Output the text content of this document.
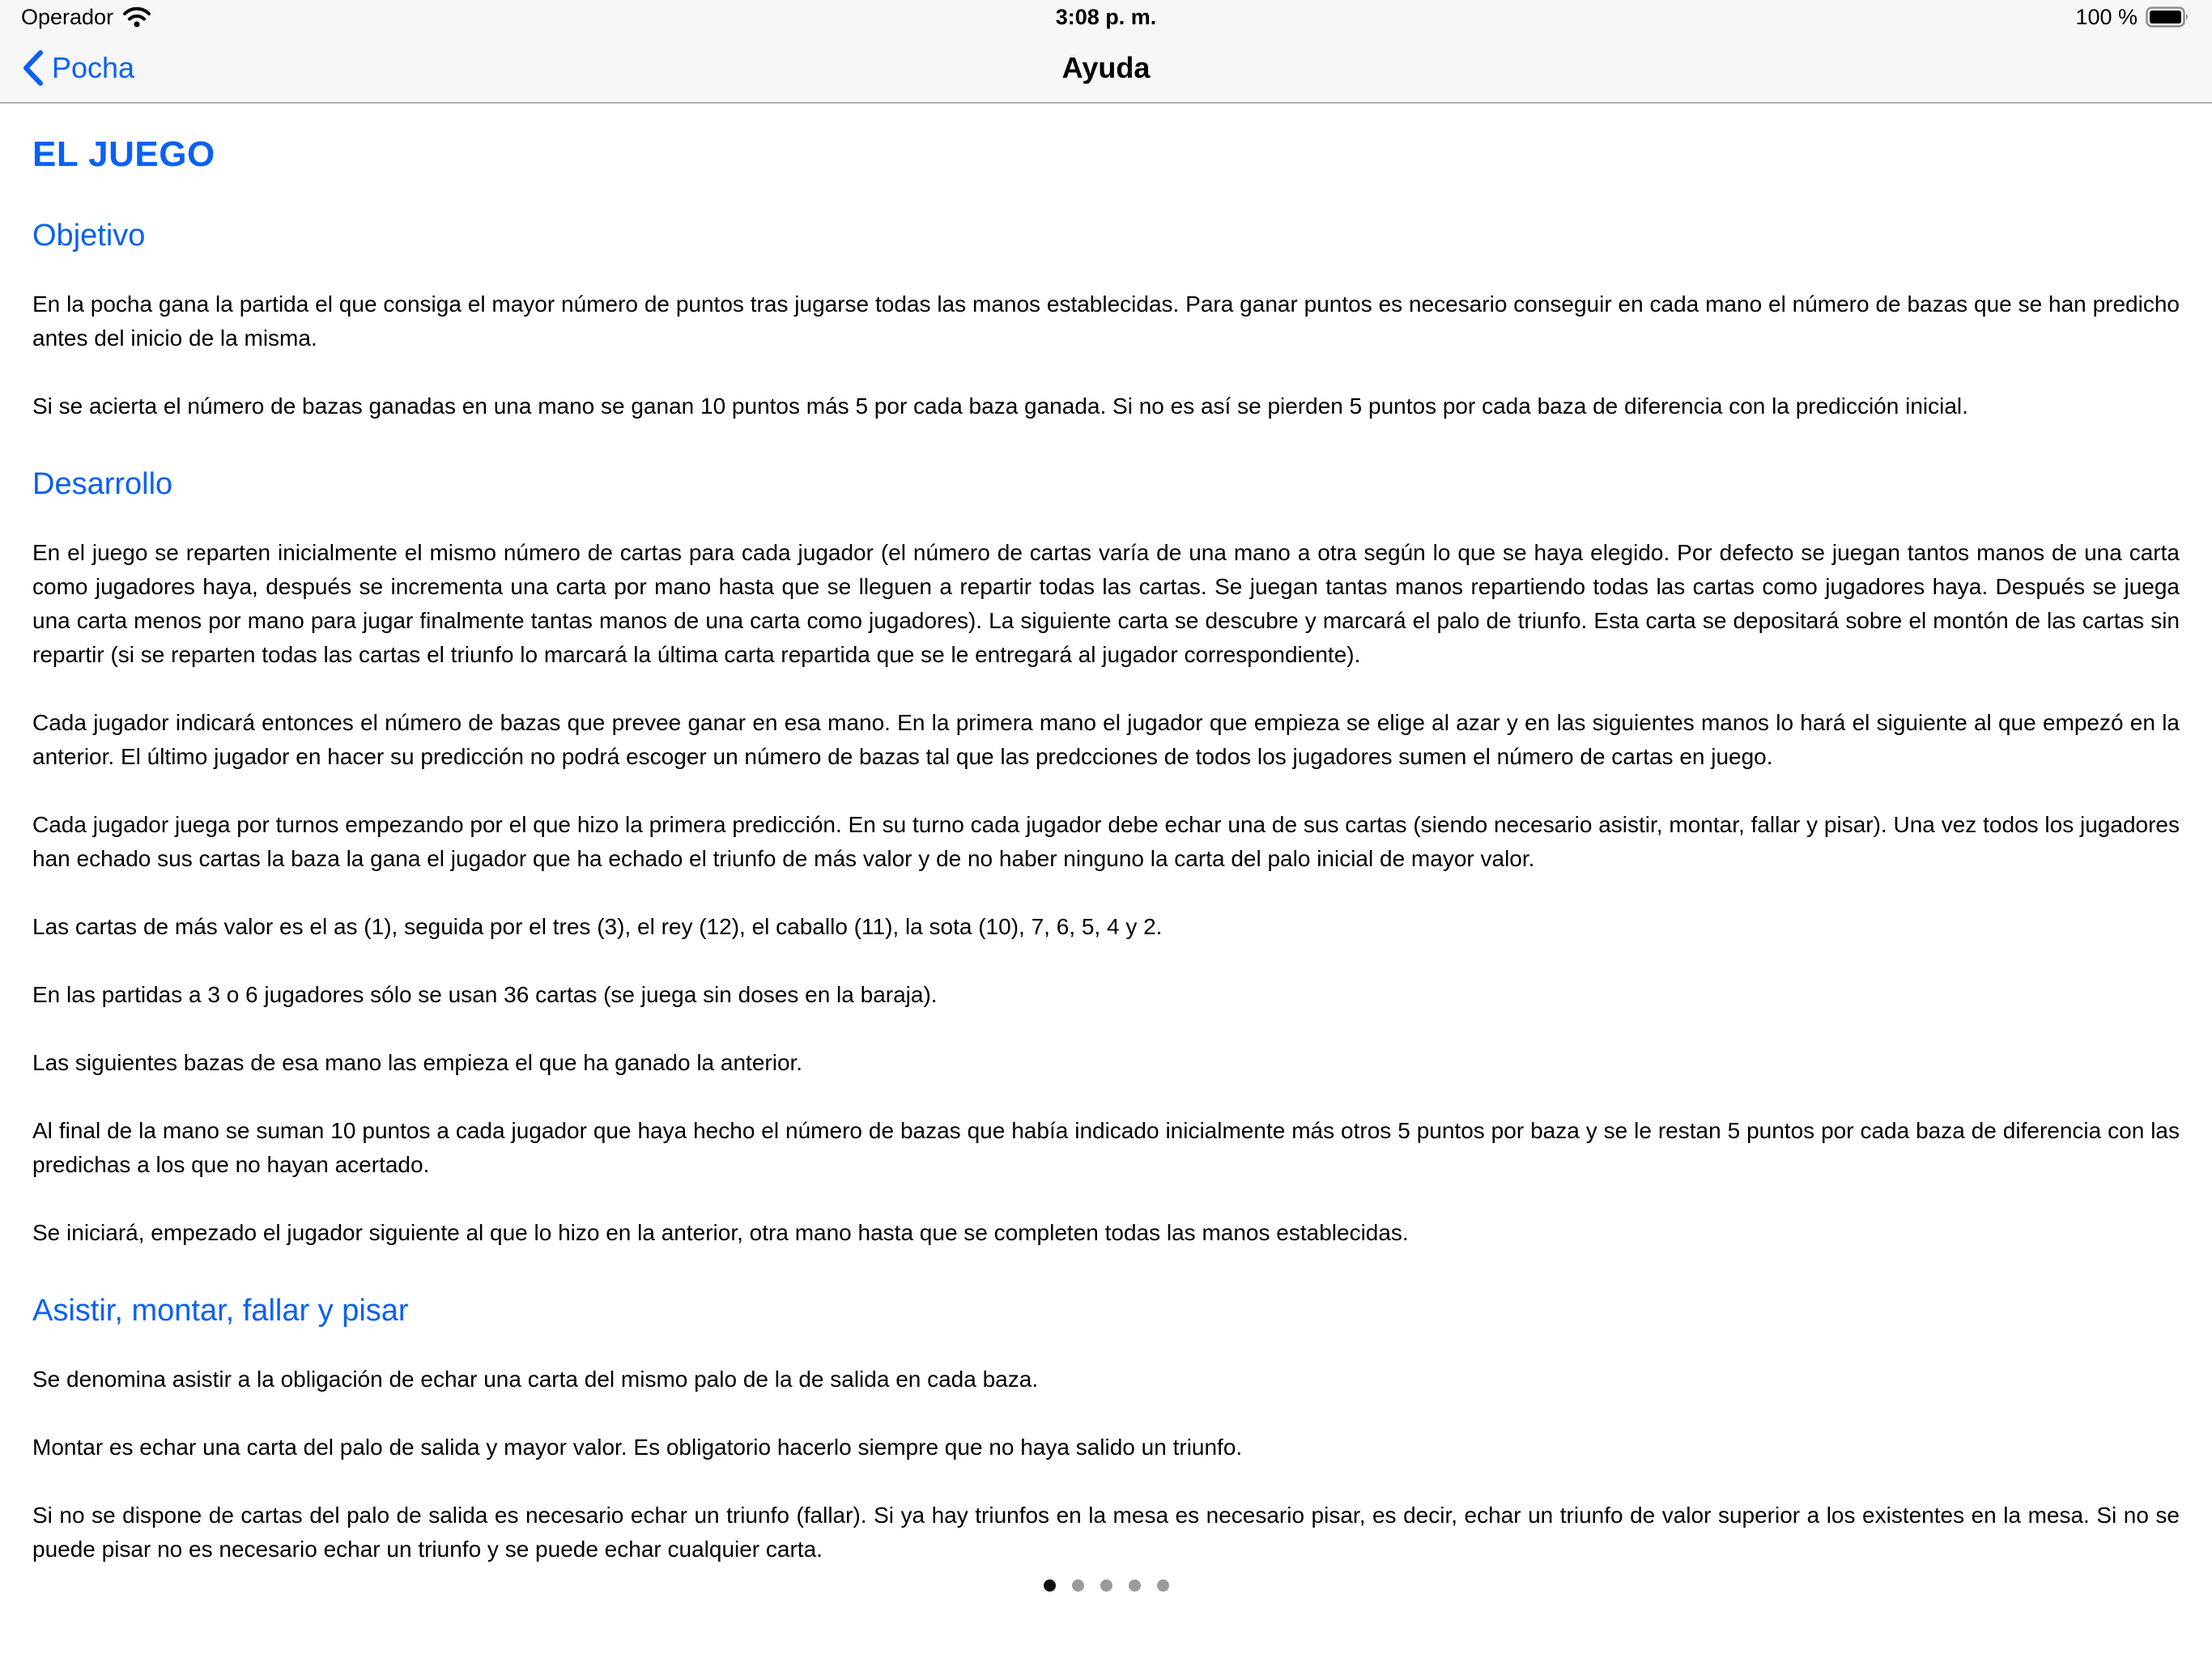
Operador	3:08 p. m.	100 %
Pocha	Ayuda
EL JUEGO
Objetivo

En la pocha gana la partida el que consiga el mayor número de puntos tras jugarse todas las manos establecidas. Para ganar puntos es necesario conseguir en cada mano el número de bazas que se han predicho antes del inicio de la misma.

Si se acierta el número de bazas ganadas en una mano se ganan 10 puntos más 5 por cada baza ganada. Si no es así se pierden 5 puntos por cada baza de diferencia con la predicción inicial.

Desarrollo

En el juego se reparten inicialmente el mismo número de cartas para cada jugador (el número de cartas varía de una mano a otra según lo que se haya elegido. Por defecto se juegan tantos manos de una carta como jugadores haya, después se incrementa una carta por mano hasta que se lleguen a repartir todas las cartas. Se juegan tantas manos repartiendo todas las cartas como jugadores haya. Después se juega una carta menos por mano para jugar finalmente tantas manos de una carta como jugadores). La siguiente carta se descubre y marcará el palo de triunfo. Esta carta se depositará sobre el montón de las cartas sin repartir (si se reparten todas las cartas el triunfo lo marcará la última carta repartida que se le entregará al jugador correspondiente).

Cada jugador indicará entonces el número de bazas que prevee ganar en esa mano. En la primera mano el jugador que empieza se elige al azar y en las siguientes manos lo hará el siguiente al que empezó en la anterior. El último jugador en hacer su predicción no podrá escoger un número de bazas tal que las predcciones de todos los jugadores sumen el número de cartas en juego.

Cada jugador juega por turnos empezando por el que hizo la primera predicción. En su turno cada jugador debe echar una de sus cartas (siendo necesario asistir, montar, fallar y pisar). Una vez todos los jugadores han echado sus cartas la baza la gana el jugador que ha echado el triunfo de más valor y de no haber ninguno la carta del palo inicial de mayor valor.

Las cartas de más valor es el as (1), seguida por el tres (3), el rey (12), el caballo (11), la sota (10), 7, 6, 5, 4 y 2.

En las partidas a 3 o 6 jugadores sólo se usan 36 cartas (se juega sin doses en la baraja).

Las siguientes bazas de esa mano las empieza el que ha ganado la anterior.

Al final de la mano se suman 10 puntos a cada jugador que haya hecho el número de bazas que había indicado inicialmente más otros 5 puntos por baza y se le restan 5 puntos por cada baza de diferencia con las predichas a los que no hayan acertado.

Se iniciará, empezado el jugador siguiente al que lo hizo en la anterior, otra mano hasta que se completen todas las manos establecidas.

Asistir, montar, fallar y pisar

Se denomina asistir a la obligación de echar una carta del mismo palo de la de salida en cada baza.

Montar es echar una carta del palo de salida y mayor valor. Es obligatorio hacerlo siempre que no haya salido un triunfo.

Si no se dispone de cartas del palo de salida es necesario echar un triunfo (fallar). Si ya hay triunfos en la mesa es necesario pisar, es decir, echar un triunfo de valor superior a los existentes en la mesa. Si no se puede pisar no es necesario echar un triunfo y se puede echar cualquier carta.
